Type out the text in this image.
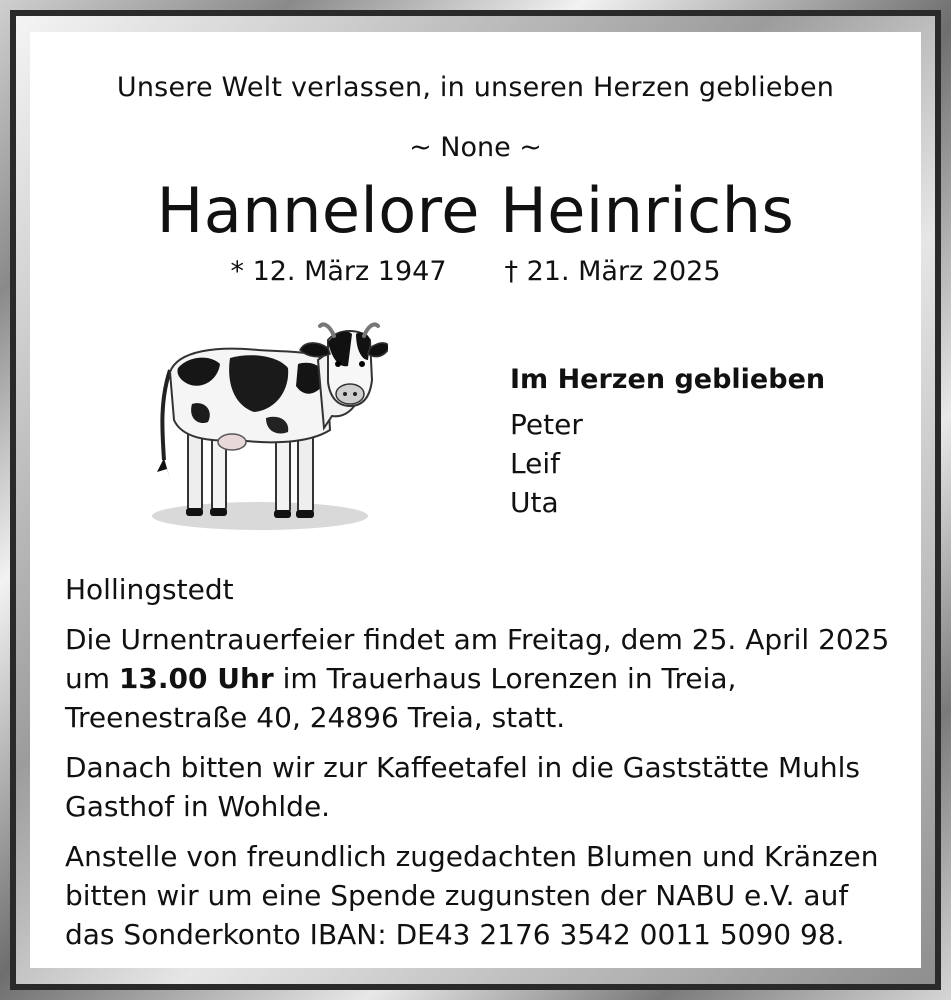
Unsere Welt verlassen, in unseren Herzen geblieben
~ None ~
Hannelore Heinrichs
* 12. März 1947 † 21. März 2025
Im Herzen geblieben
Peter
Leif
Uta
Hollingstedt
Die Urnentrauerfeier findet am Freitag, dem 25. April 2025 um 13.00 Uhr im Trauerhaus Lorenzen in Treia, Treenestraße 40, 24896 Treia, statt.
Danach bitten wir zur Kaffeetafel in die Gaststätte Muhls Gasthof in Wohlde.
Anstelle von freundlich zugedachten Blumen und Kränzen bitten wir um eine Spende zugunsten der NABU e.V. auf das Sonderkonto IBAN: DE43 2176 3542 0011 5090 98.
